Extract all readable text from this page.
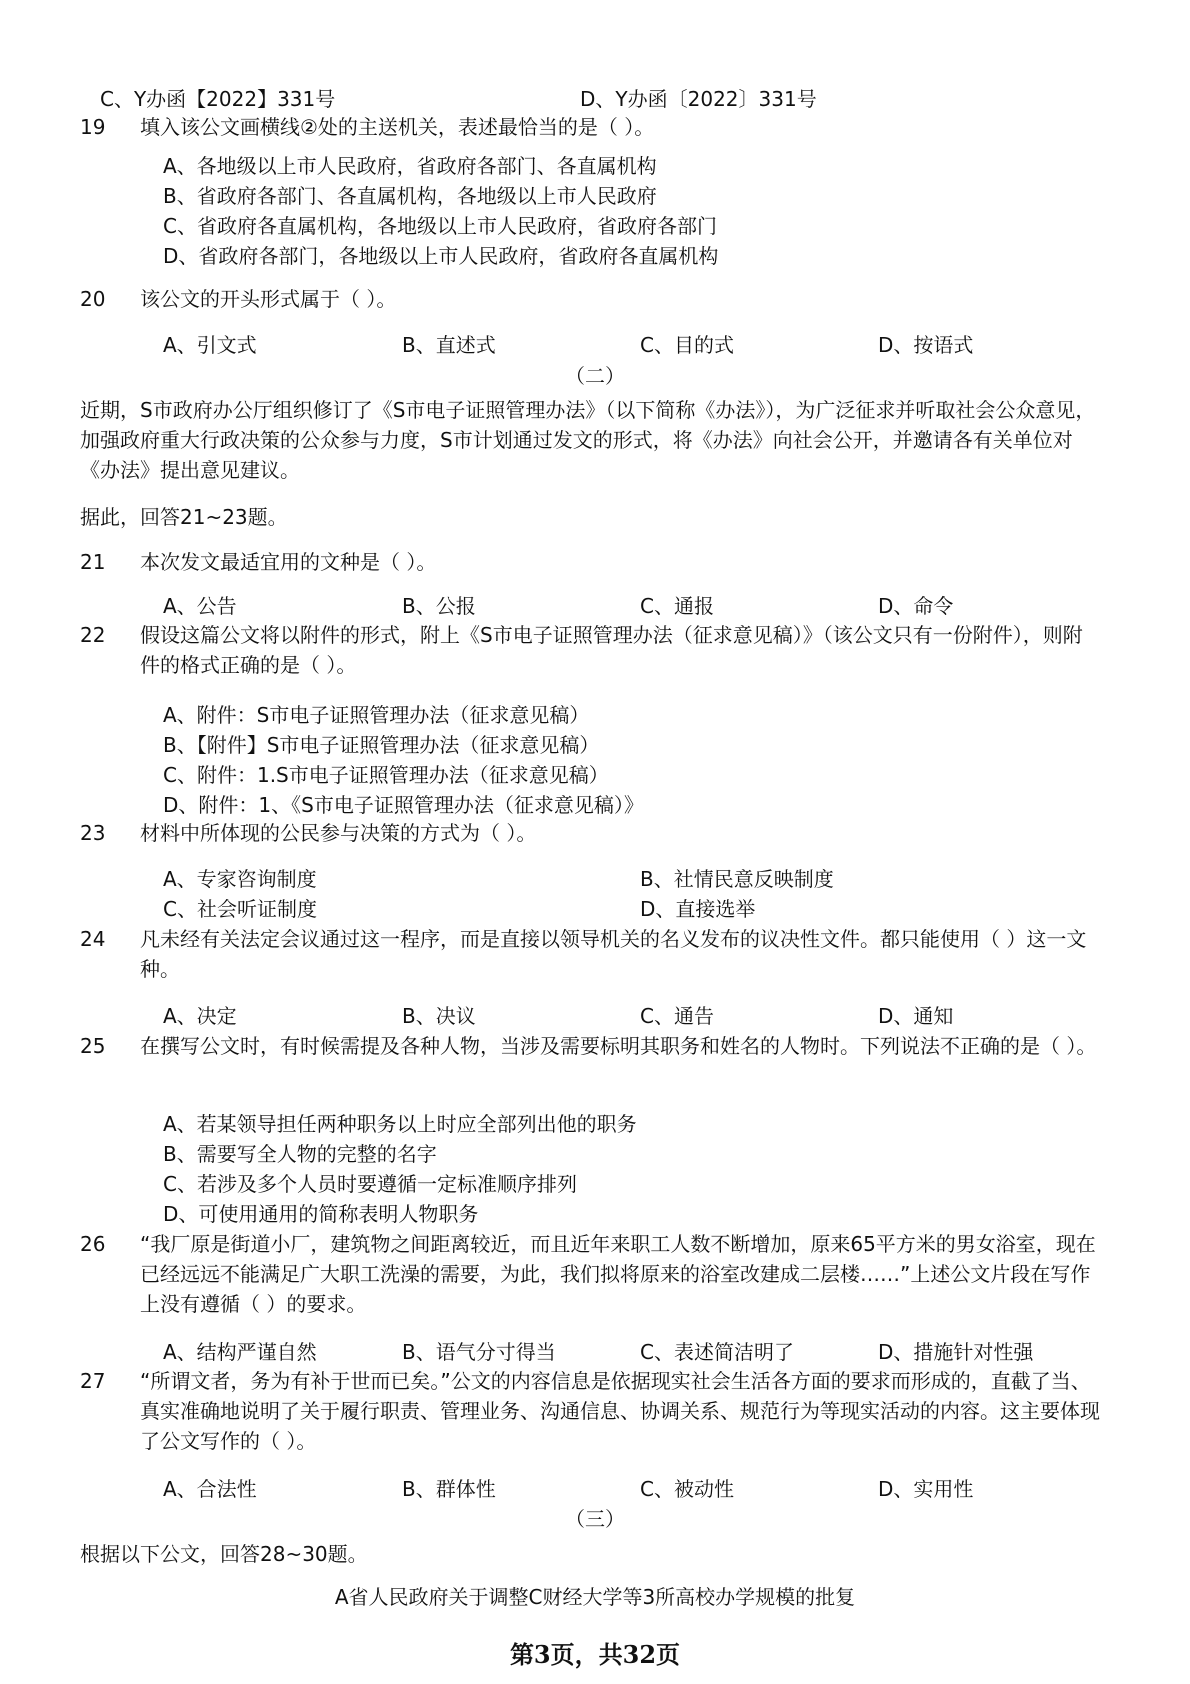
C、Y办函【2022】331号	D、Y办函〔2022〕331号
19 填入该公文画横线②处的主送机关，表述最恰当的是（ ）。
A、各地级以上市人民政府，省政府各部门、各直属机构
B、省政府各部门、各直属机构，各地级以上市人民政府
C、省政府各直属机构，各地级以上市人民政府，省政府各部门
D、省政府各部门，各地级以上市人民政府，省政府各直属机构
20 该公文的开头形式属于（ ）。
A、引文式	B、直述式	C、目的式	D、按语式
（二）
近期，S市政府办公厅组织修订了《S市电子证照管理办法》（以下简称《办法》），为广泛征求并听取社会公众意见，加强政府重大行政决策的公众参与力度，S市计划通过发文的形式，将《办法》向社会公开，并邀请各有关单位对《办法》提出意见建议。
据此，回答21~23题。
21 本次发文最适宜用的文种是（ ）。
A、公告	B、公报	C、通报	D、命令
22 假设这篇公文将以附件的形式，附上《S市电子证照管理办法（征求意见稿）》（该公文只有一份附件），则附件的格式正确的是（ ）。
A、附件：S市电子证照管理办法（征求意见稿）
B、【附件】S市电子证照管理办法（征求意见稿）
C、附件：1.S市电子证照管理办法（征求意见稿）
D、附件：1、《S市电子证照管理办法（征求意见稿）》
23 材料中所体现的公民参与决策的方式为（ ）。
A、专家咨询制度	B、社情民意反映制度
C、社会听证制度	D、直接选举
24 凡未经有关法定会议通过这一程序，而是直接以领导机关的名义发布的议决性文件。都只能使用（ ）这一文种。
A、决定	B、决议	C、通告	D、通知
25 在撰写公文时，有时候需提及各种人物，当涉及需要标明其职务和姓名的人物时。下列说法不正确的是（ ）。
A、若某领导担任两种职务以上时应全部列出他的职务
B、需要写全人物的完整的名字
C、若涉及多个人员时要遵循一定标准顺序排列
D、可使用通用的简称表明人物职务
26 “我厂原是街道小厂，建筑物之间距离较近，而且近年来职工人数不断增加，原来65平方米的男女浴室，现在已经远远不能满足广大职工洗澡的需要，为此，我们拟将原来的浴室改建成二层楼……”上述公文片段在写作上没有遵循（ ）的要求。
A、结构严谨自然	B、语气分寸得当	C、表述简洁明了	D、措施针对性强
27 “所谓文者，务为有补于世而已矣。”公文的内容信息是依据现实社会生活各方面的要求而形成的，直截了当、真实准确地说明了关于履行职责、管理业务、沟通信息、协调关系、规范行为等现实活动的内容。这主要体现了公文写作的（ ）。
A、合法性	B、群体性	C、被动性	D、实用性
（三）
根据以下公文，回答28~30题。
A省人民政府关于调整C财经大学等3所高校办学规模的批复
第3页，共32页
